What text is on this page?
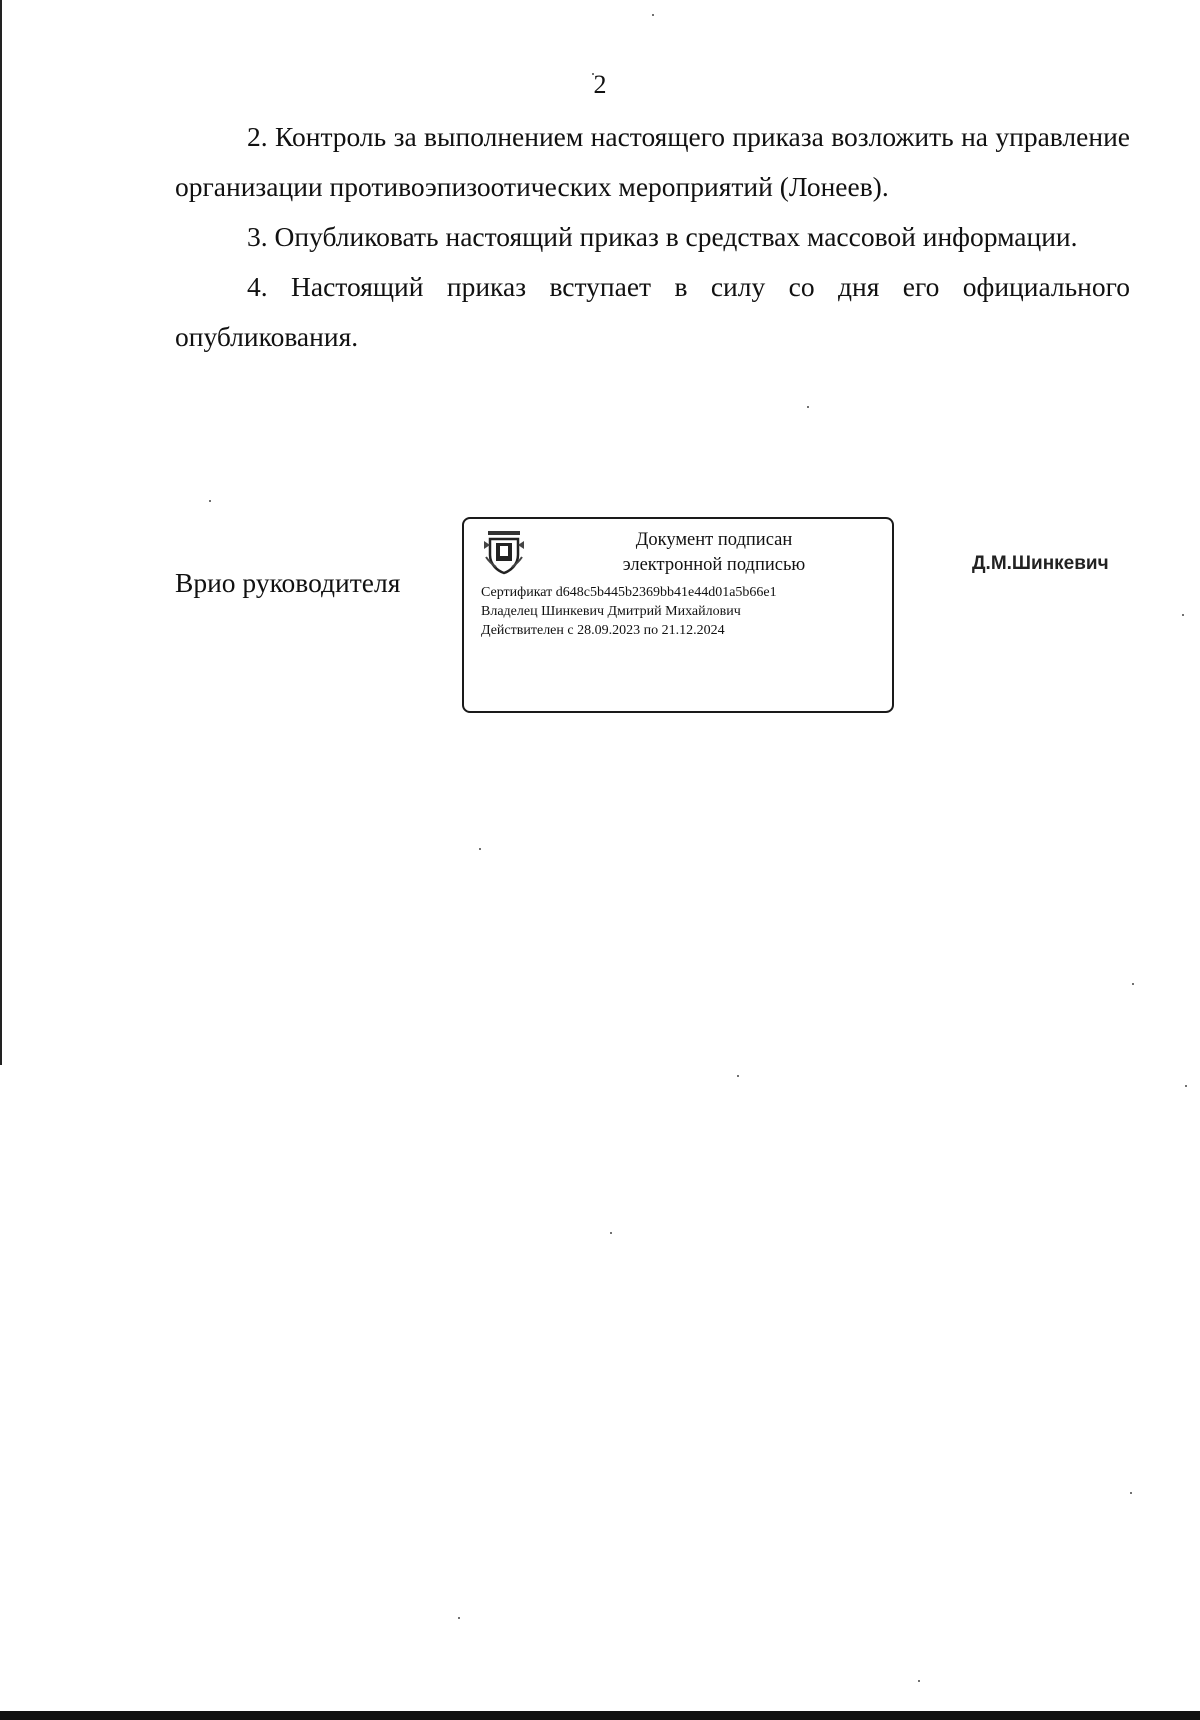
2

2. Контроль за выполнением настоящего приказа возложить на управление организации противоэпизоотических мероприятий (Лонеев).

3. Опубликовать настоящий приказ в средствах массовой информации.

4. Настоящий приказ вступает в силу со дня его официального опубликования.

Врио руководителя
Документ подписан
электронной подписью
Сертификат d648c5b445b2369bb41e44d01a5b66e1
Владелец Шинкевич Дмитрий Михайлович
Действителен с 28.09.2023 по 21.12.2024
Д.М.Шинкевич
